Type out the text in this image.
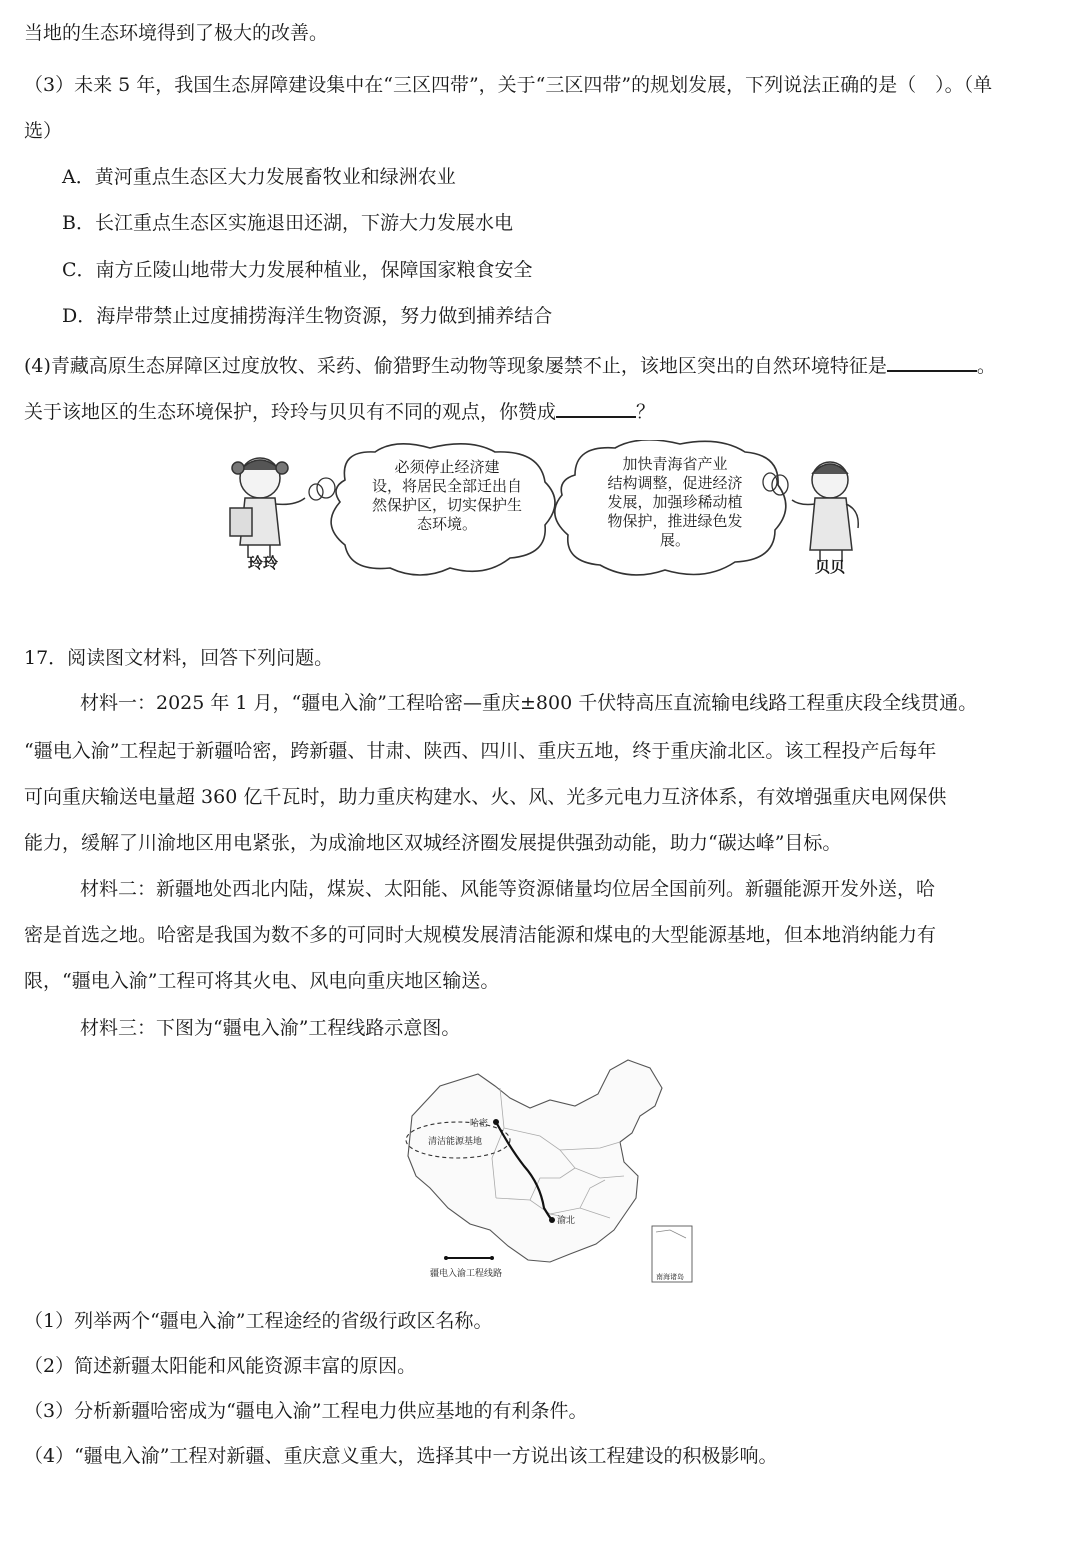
当地的生态环境得到了极大的改善。
（3）未来 5 年，我国生态屏障建设集中在“三区四带”，关于“三区四带”的规划发展，下列说法正确的是（　）。（单
选）
A．黄河重点生态区大力发展畜牧业和绿洲农业
B．长江重点生态区实施退田还湖，下游大力发展水电
C．南方丘陵山地带大力发展种植业，保障国家粮食安全
D．海岸带禁止过度捕捞海洋生物资源，努力做到捕养结合
(4)青藏高原生态屏障区过度放牧、采药、偷猎野生动物等现象屡禁不止，该地区突出的自然环境特征是	。
关于该地区的生态环境保护，玲玲与贝贝有不同的观点，你赞成	？
必须停止经济建
设，将居民全部迁出自
然保护区，切实保护生
态环境。
加快青海省产业
结构调整，促进经济
发展，加强珍稀动植
物保护，推进绿色发
展。
玲玲	贝贝
17．阅读图文材料，回答下列问题。
材料一：2025 年 1 月，“疆电入渝”工程哈密—重庆±800 千伏特高压直流输电线路工程重庆段全线贯通。
“疆电入渝”工程起于新疆哈密，跨新疆、甘肃、陕西、四川、重庆五地，终于重庆渝北区。该工程投产后每年
可向重庆输送电量超 360 亿千瓦时，助力重庆构建水、火、风、光多元电力互济体系，有效增强重庆电网保供
能力，缓解了川渝地区用电紧张，为成渝地区双城经济圈发展提供强劲动能，助力“碳达峰”目标。
材料二：新疆地处西北内陆，煤炭、太阳能、风能等资源储量均位居全国前列。新疆能源开发外送，哈
密是首选之地。哈密是我国为数不多的可同时大规模发展清洁能源和煤电的大型能源基地，但本地消纳能力有
限，“疆电入渝”工程可将其火电、风电向重庆地区输送。
材料三：下图为“疆电入渝”工程线路示意图。
哈密
清洁能源基地
渝北
疆电入渝工程线路	南海诸岛
（1）列举两个“疆电入渝”工程途经的省级行政区名称。
（2）简述新疆太阳能和风能资源丰富的原因。
（3）分析新疆哈密成为“疆电入渝”工程电力供应基地的有利条件。
（4）“疆电入渝”工程对新疆、重庆意义重大，选择其中一方说出该工程建设的积极影响。
